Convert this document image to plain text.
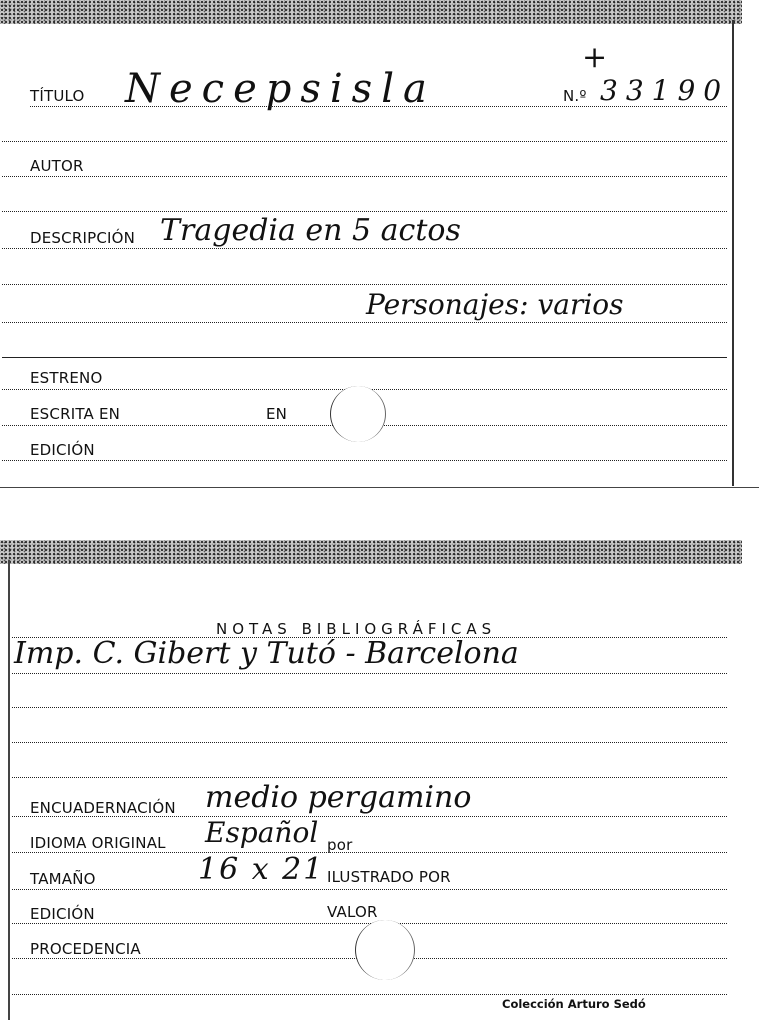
+
TÍTULO Necepsisla	N.º 33190
AUTOR
DESCRIPCIÓN Tragedia en 5 actos
Personajes: varios
ESTRENO
ESCRITA EN	EN
EDICIÓN
NOTAS BIBLIOGRÁFICAS
Imp. C. Gibert y Tutó - Barcelona
ENCUADERNACIÓN medio pergamino
IDIOMA ORIGINAL Español por
TAMAÑO	16 x 21 ILUSTRADO POR
EDICIÓN	VALOR
PROCEDENCIA
Colección Arturo Sedó
